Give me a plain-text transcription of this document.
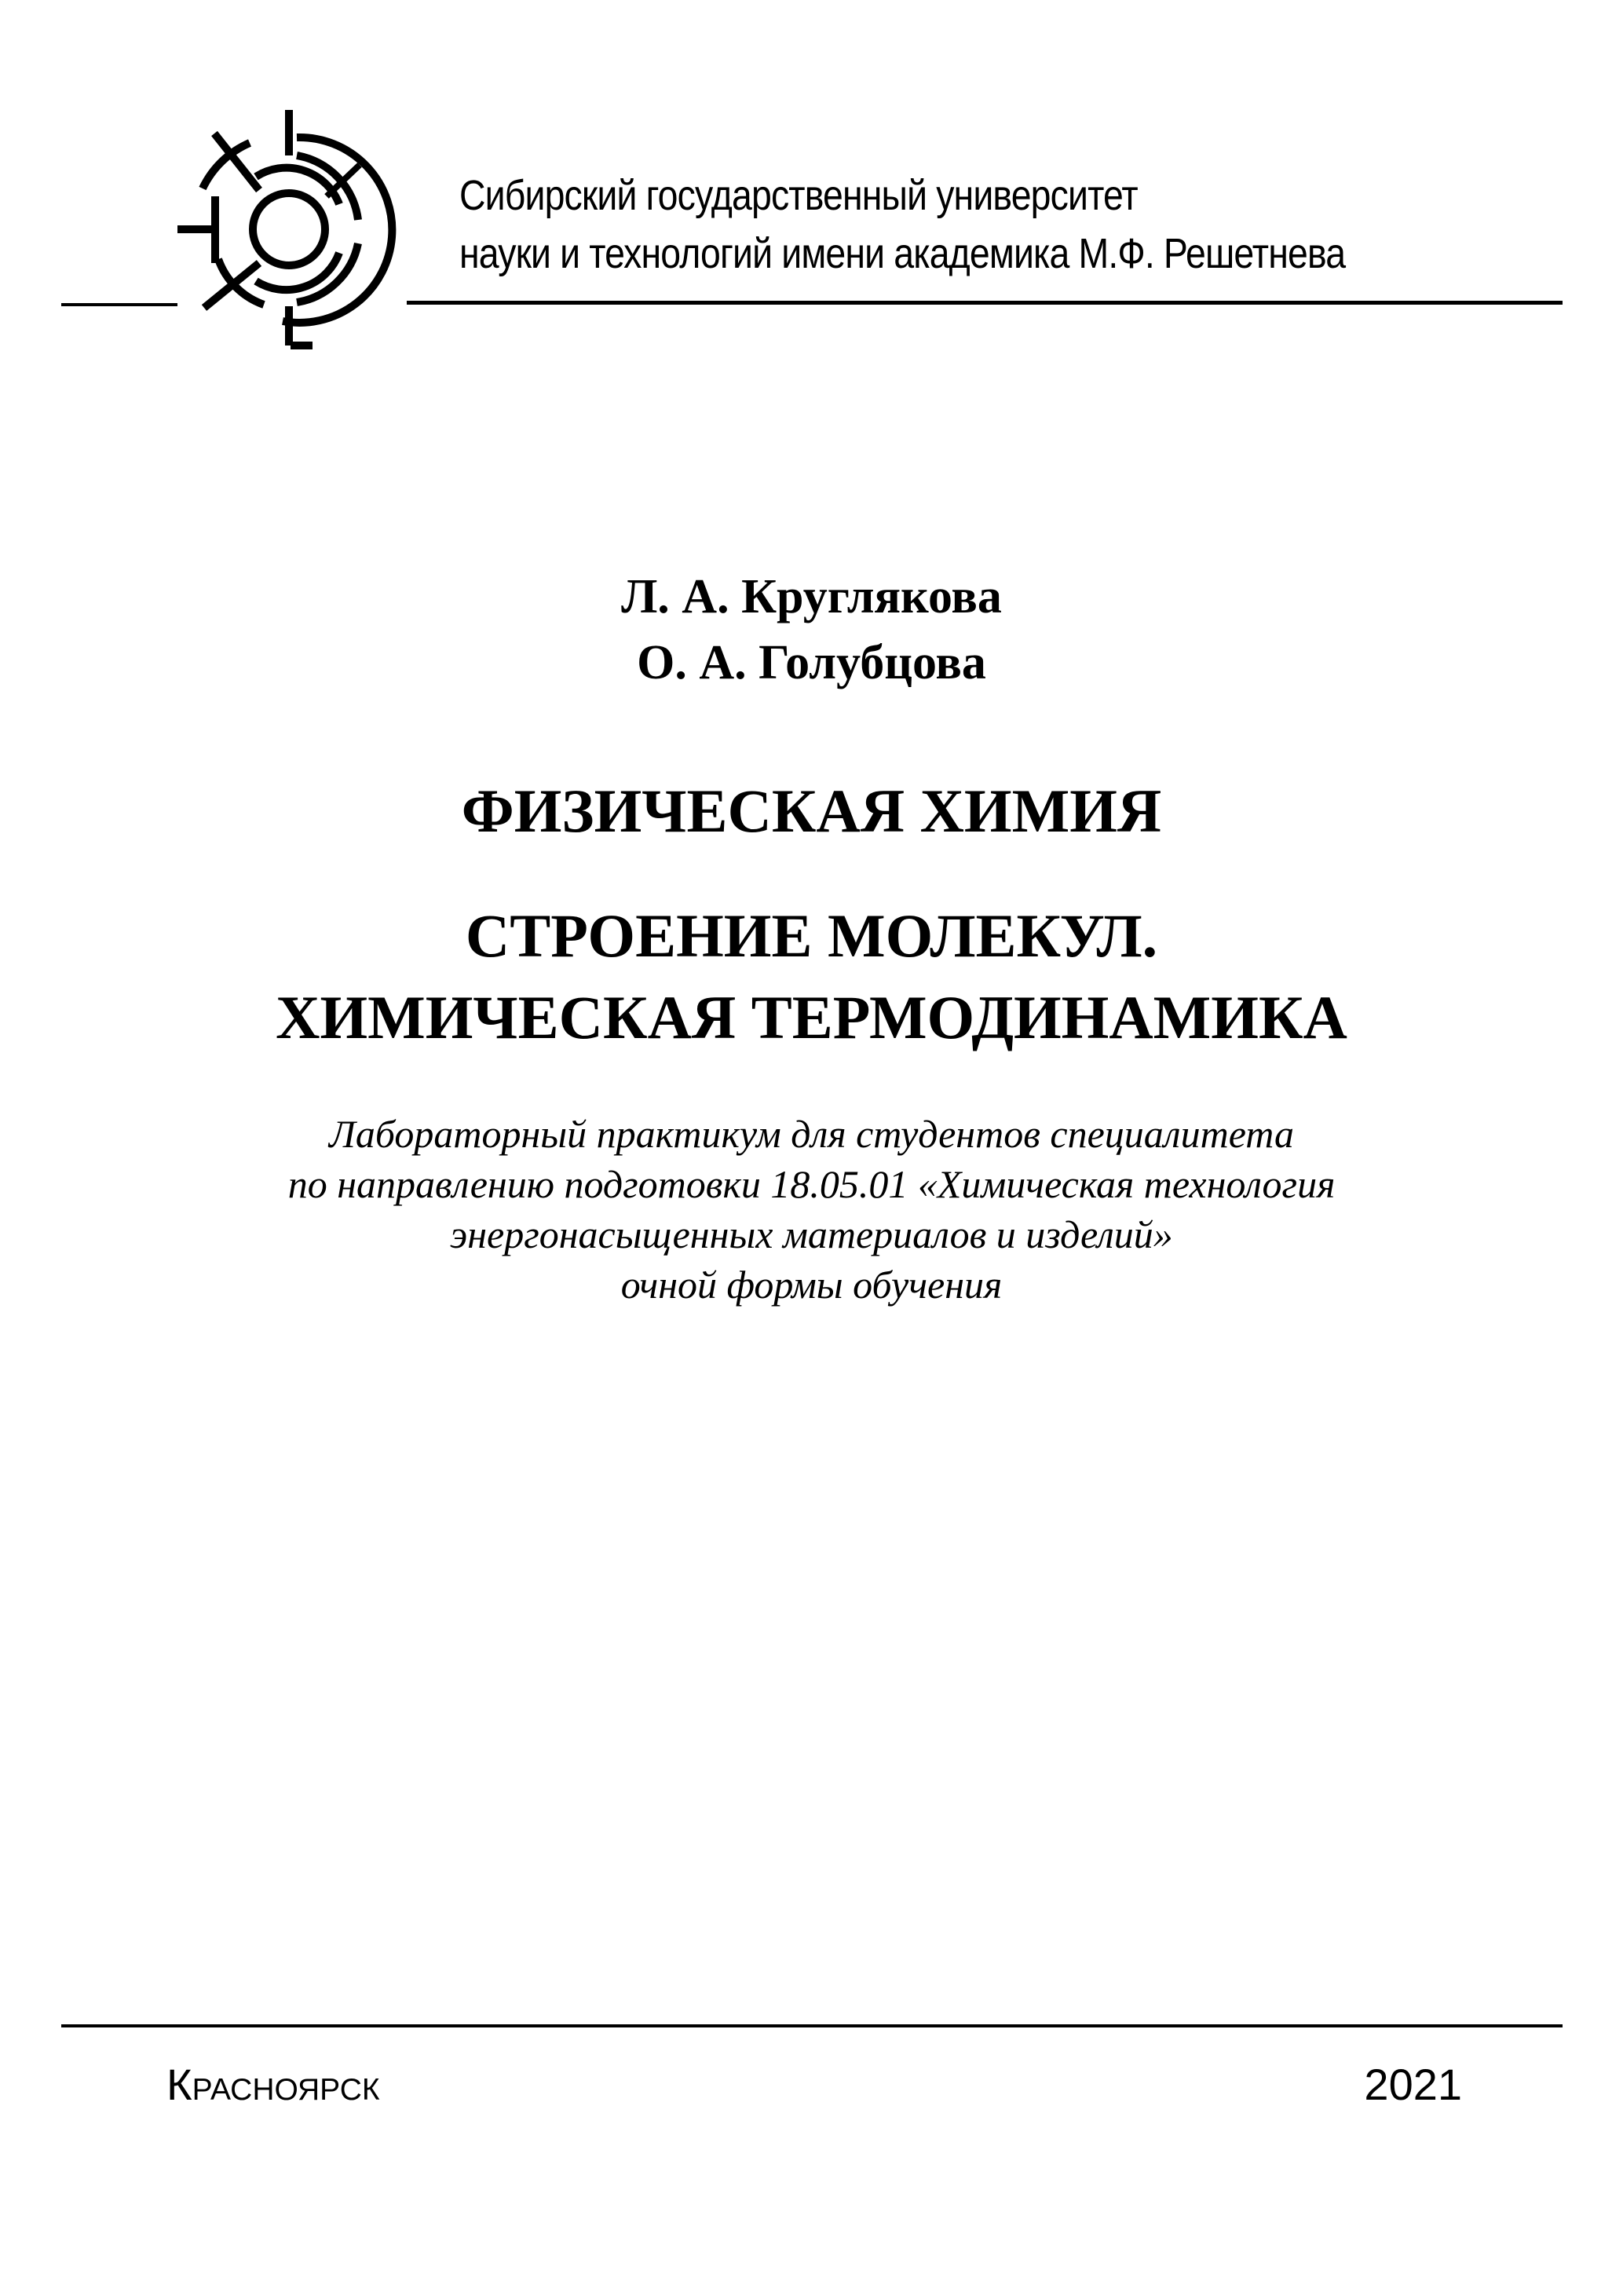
Сибирский государственный университет
науки и технологий имени академика М.Ф. Решетнева
Л. А. Круглякова
О. А. Голубцова
ФИЗИЧЕСКАЯ ХИМИЯ
СТРОЕНИЕ МОЛЕКУЛ.
ХИМИЧЕСКАЯ ТЕРМОДИНАМИКА
Лабораторный практикум для студентов специалитета
по направлению подготовки 18.05.01 «Химическая технология
энергонасыщенных материалов и изделий»
очной формы обучения
Красноярск	2021
